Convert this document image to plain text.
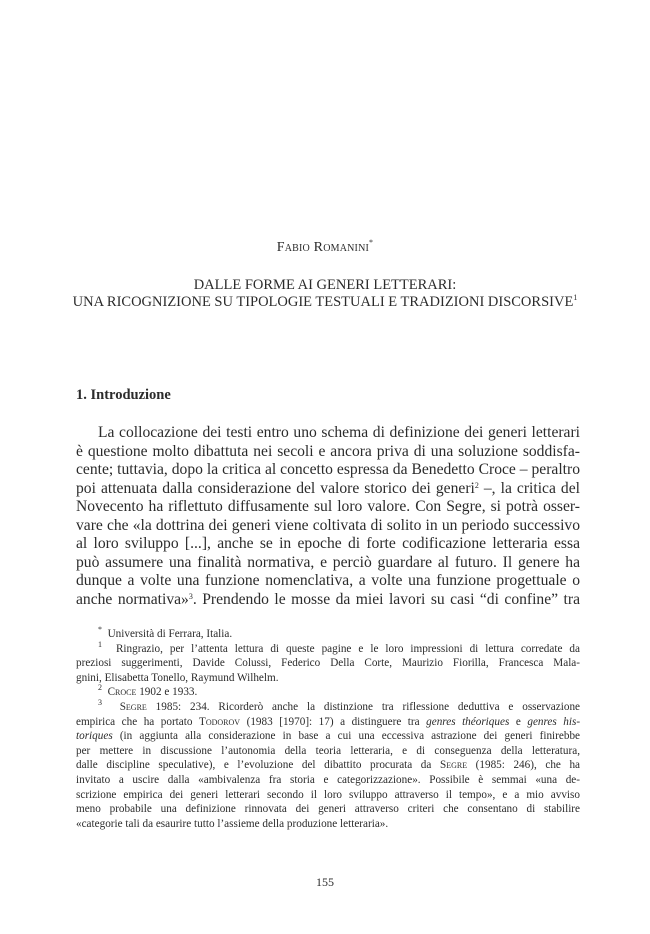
Fabio Romanini*
DALLE FORME AI GENERI LETTERARI:
UNA RICOGNIZIONE SU TIPOLOGIE TESTUALI E TRADIZIONI DISCORSIVE$^1$
1. Introduzione
La collocazione dei testi entro uno schema di definizione dei generi letterari
è questione molto dibattuta nei secoli e ancora priva di una soluzione soddisfa-
cente; tuttavia, dopo la critica al concetto espressa da Benedetto Croce – peraltro
poi attenuata dalla considerazione del valore storico dei generi$^2$ –, la critica del
Novecento ha riflettuto diffusamente sul loro valore. Con Segre, si potrà osser-
vare che «la dottrina dei generi viene coltivata di solito in un periodo successivo
al loro sviluppo [...], anche se in epoche di forte codificazione letteraria essa
può assumere una finalità normativa, e perciò guardare al futuro. Il genere ha
dunque a volte una funzione nomenclativa, a volte una funzione progettuale o
anche normativa»$^3$. Prendendo le mosse da miei lavori su casi “di confine” tra
* Università di Ferrara, Italia.
$^1$ Ringrazio, per l’attenta lettura di queste pagine e le loro impressioni di lettura corredate da
preziosi suggerimenti, Davide Colussi, Federico Della Corte, Maurizio Fiorilla, Francesca Mala-
gnini, Elisabetta Tonello, Raymund Wilhelm.
$^2$ Croce 1902 e 1933.
$^3$ Segre 1985: 234. Ricorderò anche la distinzione tra riflessione deduttiva e osservazione
empirica che ha portato Todorov (1983 [1970]: 17) a distinguere tra genres théoriques e genres his-
toriques (in aggiunta alla considerazione in base a cui una eccessiva astrazione dei generi finirebbe
per mettere in discussione l’autonomia della teoria letteraria, e di conseguenza della letteratura,
dalle discipline speculative), e l’evoluzione del dibattito procurata da Segre (1985: 246), che ha
invitato a uscire dalla «ambivalenza fra storia e categorizzazione». Possibile è semmai «una de-
scrizione empirica dei generi letterari secondo il loro sviluppo attraverso il tempo», e a mio avviso
meno probabile una definizione rinnovata dei generi attraverso criteri che consentano di stabilire
«categorie tali da esaurire tutto l’assieme della produzione letteraria».
155
